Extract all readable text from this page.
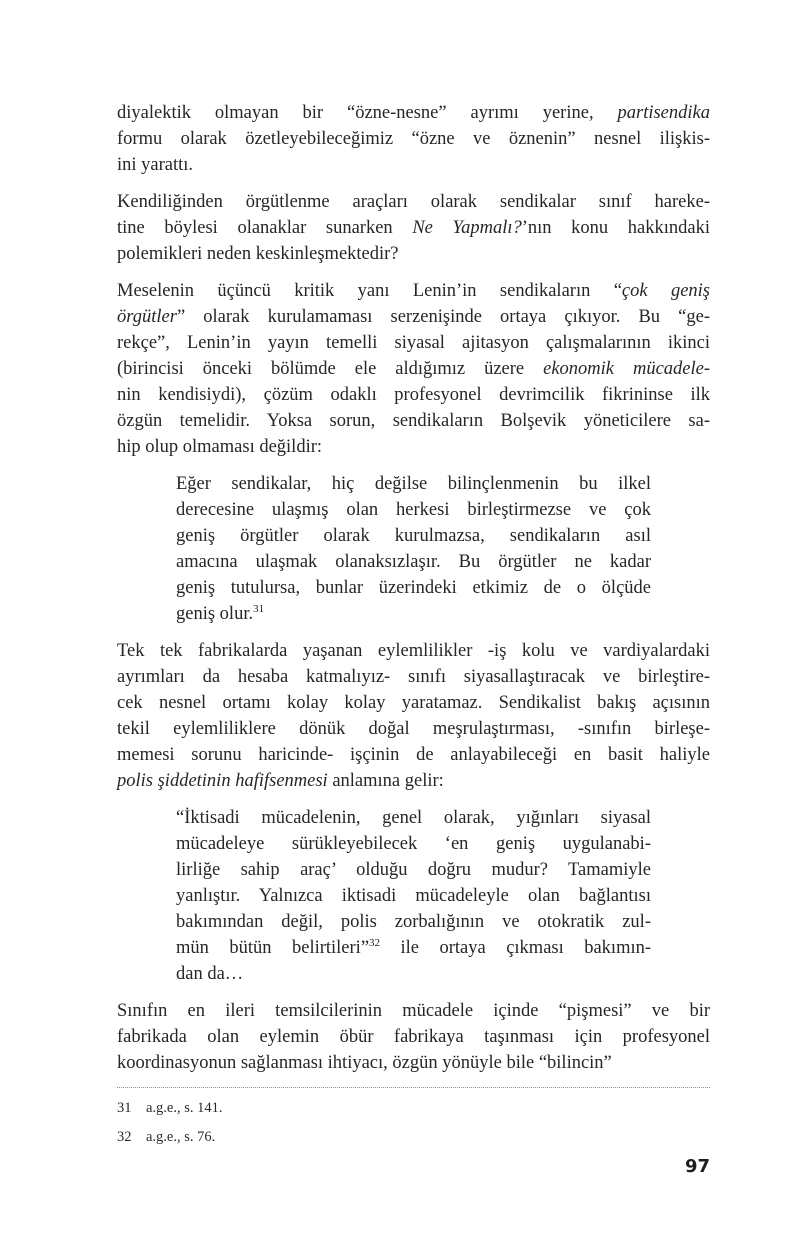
diyalektik olmayan bir “özne-nesne” ayrımı yerine, partisendika
formu olarak özetleyebileceğimiz “özne ve öznenin” nesnel ilişkis-
ini yarattı.
Kendiliğinden örgütlenme araçları olarak sendikalar sınıf hareke-
tine böylesi olanaklar sunarken Ne Yapmalı?’nın konu hakkındaki
polemikleri neden keskinleşmektedir?
Meselenin üçüncü kritik yanı Lenin’in sendikaların “çok geniş
örgütler” olarak kurulamaması serzenişinde ortaya çıkıyor. Bu “ge-
rekçe”, Lenin’in yayın temelli siyasal ajitasyon çalışmalarının ikinci
(birincisi önceki bölümde ele aldığımız üzere ekonomik mücadele-
nin kendisiydi), çözüm odaklı profesyonel devrimcilik fikrininse ilk
özgün temelidir. Yoksa sorun, sendikaların Bolşevik yöneticilere sa-
hip olup olmaması değildir:
Eğer sendikalar, hiç değilse bilinçlenmenin bu ilkel
derecesine ulaşmış olan herkesi birleştirmezse ve çok
geniş örgütler olarak kurulmazsa, sendikaların asıl
amacına ulaşmak olanaksızlaşır. Bu örgütler ne kadar
geniş tutulursa, bunlar üzerindeki etkimiz de o ölçüde
geniş olur.$^{31}$
Tek tek fabrikalarda yaşanan eylemlilikler -iş kolu ve vardiyalardaki
ayrımları da hesaba katmalıyız- sınıfı siyasallaştıracak ve birleştire-
cek nesnel ortamı kolay kolay yaratamaz. Sendikalist bakış açısının
tekil eylemliliklere dönük doğal meşrulaştırması, -sınıfın birleşe-
memesi sorunu haricinde- işçinin de anlayabileceği en basit haliyle
polis şiddetinin hafifsenmesi anlamına gelir:
“İktisadi mücadelenin, genel olarak, yığınları siyasal
mücadeleye sürükleyebilecek ‘en geniş uygulanabi-
lirliğe sahip araç’ olduğu doğru mudur? Tamamiyle
yanlıştır. Yalnızca iktisadi mücadeleyle olan bağlantısı
bakımından değil, polis zorbalığının ve otokratik zul-
mün bütün belirtileri”$^{32}$ ile ortaya çıkması bakımın-
dan da…
Sınıfın en ileri temsilcilerinin mücadele içinde “pişmesi” ve bir
fabrikada olan eylemin öbür fabrikaya taşınması için profesyonel
koordinasyonun sağlanması ihtiyacı, özgün yönüyle bile “bilincin”
31	a.g.e., s. 141.
32	a.g.e., s. 76.
97
